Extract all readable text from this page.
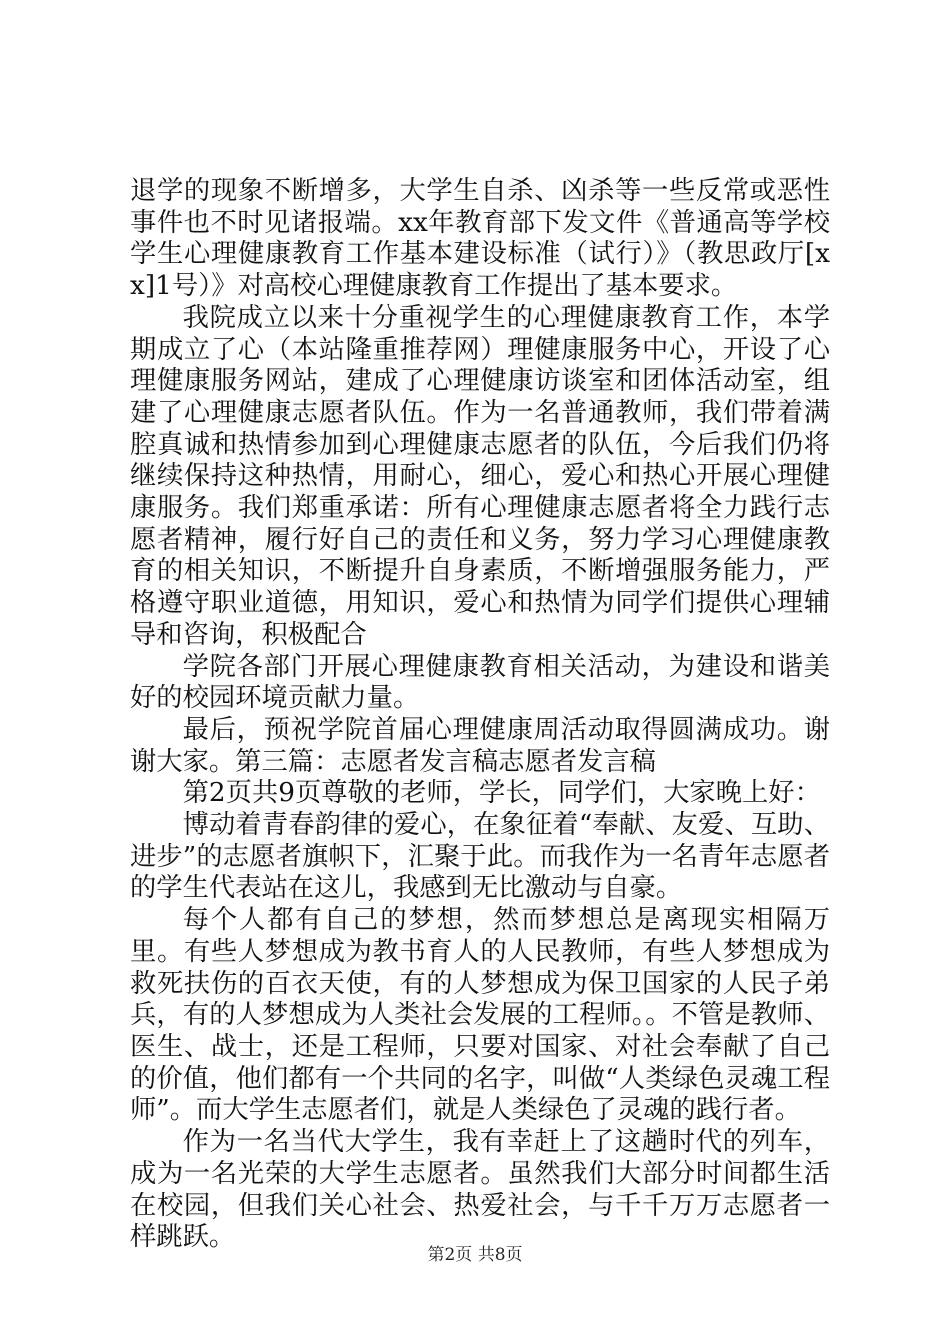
退学的现象不断增多，大学生自杀、凶杀等一些反常或恶性事件也不时见诸报端。xx年教育部下发文件《普通高等学校学生心理健康教育工作基本建设标准（试行）》（教思政厅[xx]1号）》对高校心理健康教育工作提出了基本要求。

我院成立以来十分重视学生的心理健康教育工作，本学期成立了心（本站隆重推荐网）理健康服务中心，开设了心理健康服务网站，建成了心理健康访谈室和团体活动室，组建了心理健康志愿者队伍。作为一名普通教师，我们带着满腔真诚和热情参加到心理健康志愿者的队伍，今后我们仍将继续保持这种热情，用耐心，细心，爱心和热心开展心理健康服务。我们郑重承诺：所有心理健康志愿者将全力践行志愿者精神，履行好自己的责任和义务，努力学习心理健康教育的相关知识，不断提升自身素质，不断增强服务能力，严格遵守职业道德，用知识，爱心和热情为同学们提供心理辅导和咨询，积极配合

学院各部门开展心理健康教育相关活动，为建设和谐美好的校园环境贡献力量。

最后，预祝学院首届心理健康周活动取得圆满成功。谢谢大家。第三篇：志愿者发言稿志愿者发言稿

第2页共9页尊敬的老师，学长，同学们，大家晚上好：

博动着青春韵律的爱心，在象征着“奉献、友爱、互助、进步”的志愿者旗帜下，汇聚于此。而我作为一名青年志愿者的学生代表站在这儿，我感到无比激动与自豪。

每个人都有自己的梦想，然而梦想总是离现实相隔万里。有些人梦想成为教书育人的人民教师，有些人梦想成为救死扶伤的百衣天使，有的人梦想成为保卫国家的人民子弟兵，有的人梦想成为人类社会发展的工程师。。不管是教师、医生、战士，还是工程师，只要对国家、对社会奉献了自己的价值，他们都有一个共同的名字，叫做“人类绿色灵魂工程师”。而大学生志愿者们，就是人类绿色了灵魂的践行者。

作为一名当代大学生，我有幸赶上了这趟时代的列车，成为一名光荣的大学生志愿者。虽然我们大部分时间都生活在校园，但我们关心社会、热爱社会，与千千万万志愿者一样跳跃。

第2页 共8页
